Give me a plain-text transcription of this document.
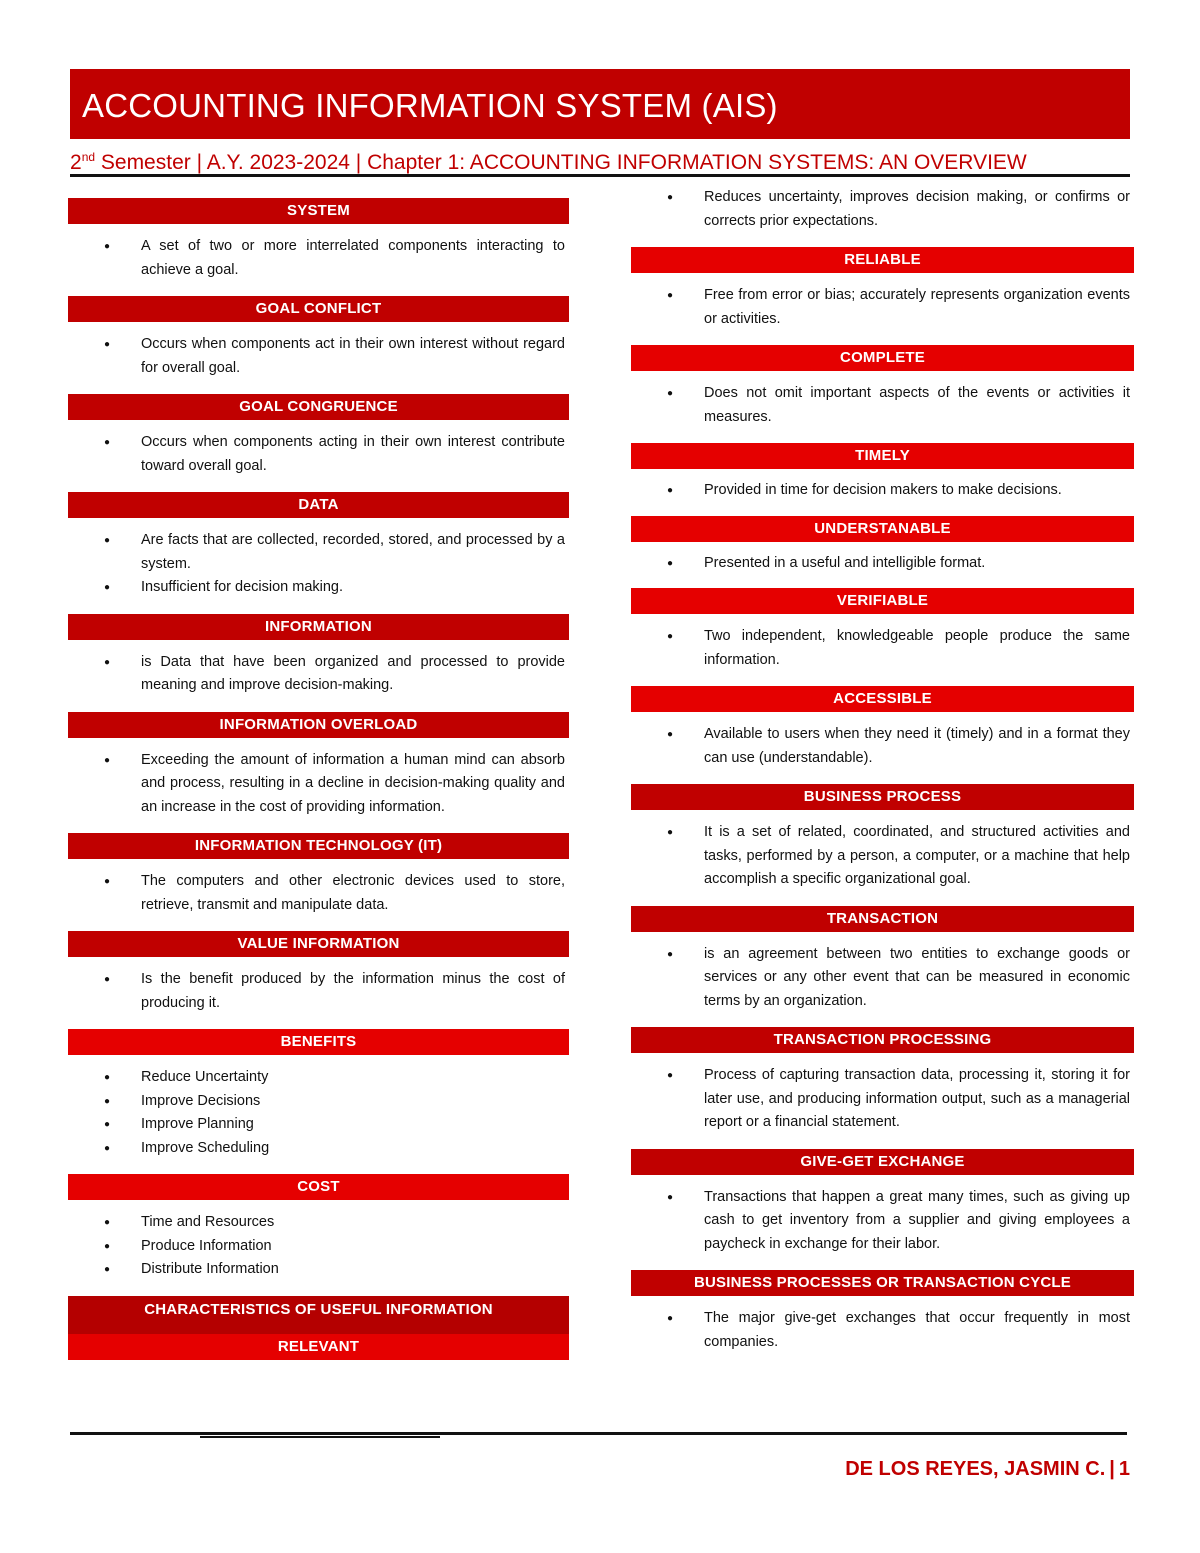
ACCOUNTING INFORMATION SYSTEM (AIS)
2nd Semester | A.Y. 2023-2024 | Chapter 1: ACCOUNTING INFORMATION SYSTEMS: AN OVERVIEW
SYSTEM
● A set of two or more interrelated components interacting to achieve a goal.
GOAL CONFLICT
● Occurs when components act in their own interest without regard for overall goal.
GOAL CONGRUENCE
● Occurs when components acting in their own interest contribute toward overall goal.
DATA
● Are facts that are collected, recorded, stored, and processed by a system.
● Insufficient for decision making.
INFORMATION
● is Data that have been organized and processed to provide meaning and improve decision-making.
INFORMATION OVERLOAD
● Exceeding the amount of information a human mind can absorb and process, resulting in a decline in decision-making quality and an increase in the cost of providing information.
INFORMATION TECHNOLOGY (IT)
● The computers and other electronic devices used to store, retrieve, transmit and manipulate data.
VALUE INFORMATION
● Is the benefit produced by the information minus the cost of producing it.
BENEFITS
● Reduce Uncertainty
● Improve Decisions
● Improve Planning
● Improve Scheduling
COST
● Time and Resources
● Produce Information
● Distribute Information
CHARACTERISTICS OF USEFUL INFORMATION
RELEVANT
● Reduces uncertainty, improves decision making, or confirms or corrects prior expectations.
RELIABLE
● Free from error or bias; accurately represents organization events or activities.
COMPLETE
● Does not omit important aspects of the events or activities it measures.
TIMELY
● Provided in time for decision makers to make decisions.
UNDERSTANABLE
● Presented in a useful and intelligible format.
VERIFIABLE
● Two independent, knowledgeable people produce the same information.
ACCESSIBLE
● Available to users when they need it (timely) and in a format they can use (understandable).
BUSINESS PROCESS
● It is a set of related, coordinated, and structured activities and tasks, performed by a person, a computer, or a machine that help accomplish a specific organizational goal.
TRANSACTION
● is an agreement between two entities to exchange goods or services or any other event that can be measured in economic terms by an organization.
TRANSACTION PROCESSING
● Process of capturing transaction data, processing it, storing it for later use, and producing information output, such as a managerial report or a financial statement.
GIVE-GET EXCHANGE
● Transactions that happen a great many times, such as giving up cash to get inventory from a supplier and giving employees a paycheck in exchange for their labor.
BUSINESS PROCESSES OR TRANSACTION CYCLE
● The major give-get exchanges that occur frequently in most companies.
DE LOS REYES, JASMIN C. | 1
